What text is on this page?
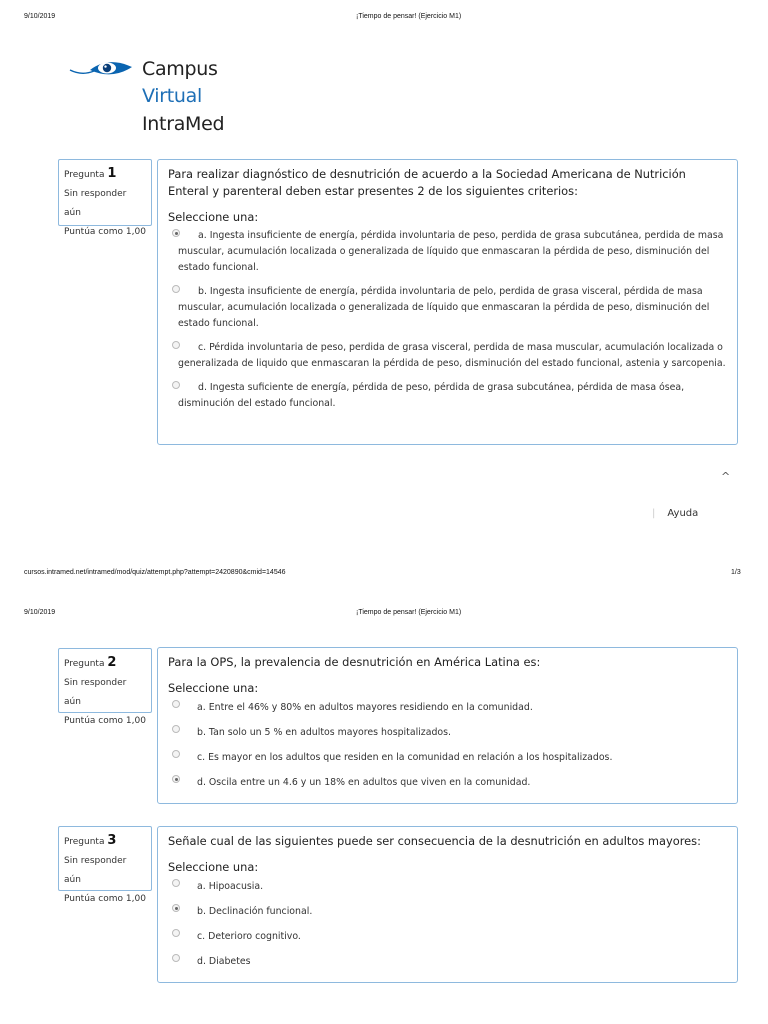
9/10/2019	¡Tiempo de pensar! (Ejercicio M1)
Campus
Virtual
IntraMed
Pregunta 1
Sin responder aún
Puntúa como 1,00
Para realizar diagnóstico de desnutrición de acuerdo a la Sociedad Americana de Nutrición Enteral y parenteral deben estar presentes 2 de los siguientes criterios:
Seleccione una:
a. Ingesta insuficiente de energía, pérdida involuntaria de peso, perdida de grasa subcutánea, perdida de masa muscular, acumulación localizada o generalizada de líquido que enmascaran la pérdida de peso, disminución del estado funcional.
b. Ingesta insuficiente de energía, pérdida involuntaria de pelo, perdida de grasa visceral, pérdida de masa muscular, acumulación localizada o generalizada de líquido que enmascaran la pérdida de peso, disminución del estado funcional.
c. Pérdida involuntaria de peso, perdida de grasa visceral, perdida de masa muscular, acumulación localizada o generalizada de liquido que enmascaran la pérdida de peso, disminución del estado funcional, astenia y sarcopenia.
d. Ingesta suficiente de energía, pérdida de peso, pérdida de grasa subcutánea, pérdida de masa ósea, disminución del estado funcional.
^
| Ayuda
cursos.intramed.net/intramed/mod/quiz/attempt.php?attempt=2420890&cmid=14546	1/3
9/10/2019	¡Tiempo de pensar! (Ejercicio M1)
Pregunta 2
Sin responder aún
Puntúa como 1,00
Para la OPS, la prevalencia de desnutrición en América Latina es:
Seleccione una:
a. Entre el 46% y 80% en adultos mayores residiendo en la comunidad.
b. Tan solo un 5 % en adultos mayores hospitalizados.
c. Es mayor en los adultos que residen en la comunidad en relación a los hospitalizados.
d. Oscila entre un 4.6 y un 18% en adultos que viven en la comunidad.
Pregunta 3
Sin responder aún
Puntúa como 1,00
Señale cual de las siguientes puede ser consecuencia de la desnutrición en adultos mayores:
Seleccione una:
a. Hipoacusia.
b. Declinación funcional.
c. Deterioro cognitivo.
d. Diabetes
